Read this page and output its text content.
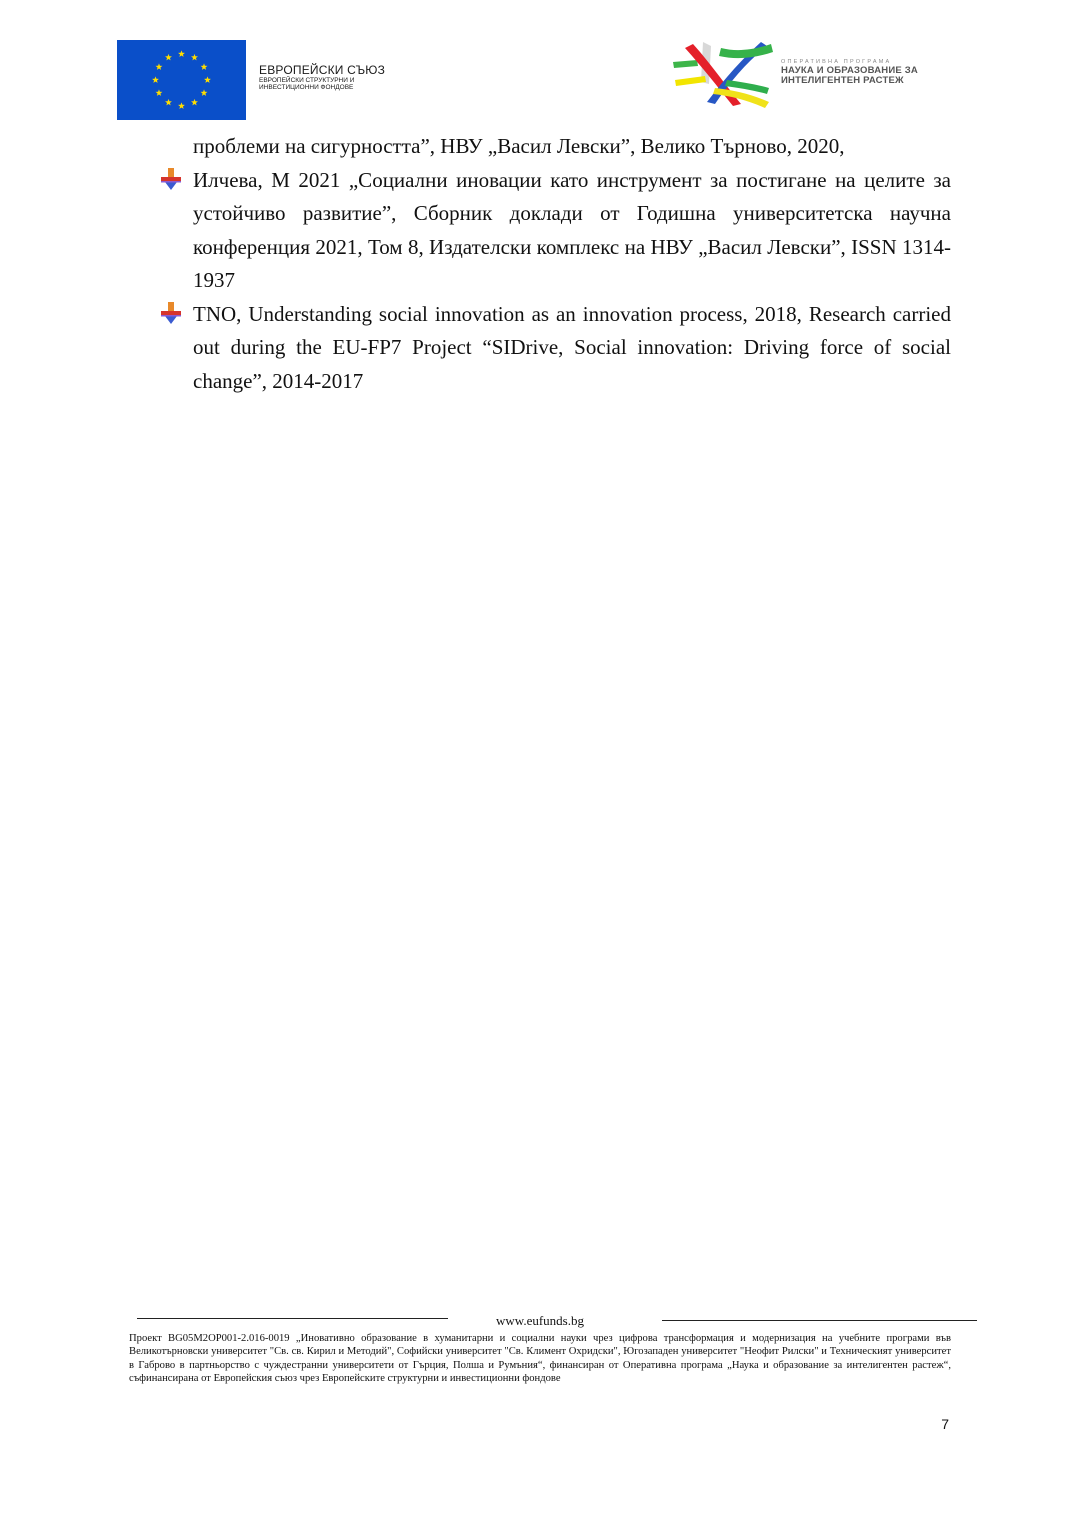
ЕВРОПЕЙСКИ СЪЮЗ
ЕВРОПЕЙСКИ СТРУКТУРНИ И
ИНВЕСТИЦИОННИ ФОНДОВЕ
ОПЕРАТИВНА ПРОГРАМА
НАУКА И ОБРАЗОВАНИЕ ЗА
ИНТЕЛИГЕНТЕН РАСТЕЖ
проблеми на сигурността”, НВУ „Васил Левски”, Велико Търново, 2020,
Илчева, М 2021 „Социални иновации като инструмент за постигане на целите за устойчиво развитие”, Сборник доклади от Годишна университетска научна конференция 2021, Том 8, Издателски комплекс на НВУ „Васил Левски”, ISSN 1314-1937
TNO, Understanding social innovation as an innovation process, 2018, Research carried out during the EU-FP7 Project “SIDrive, Social innovation: Driving force of social change”, 2014-2017
www.eufunds.bg
Проект BG05M2OP001-2.016-0019 „Иновативно образование в хуманитарни и социални науки чрез цифрова трансформация и модернизация на учебните програми във Великотърновски университет "Св. св. Кирил и Методий", Софийски университет "Св. Климент Охридски", Югозападен университет "Неофит Рилски" и Техническият университет в Габрово в партньорство с чуждестранни университети от Гърция, Полша и Румъния“, финансиран от Оперативна програма „Наука и образование за интелигентен растеж“, съфинансирана от Европейския съюз чрез Европейските структурни и инвестиционни фондове
7
